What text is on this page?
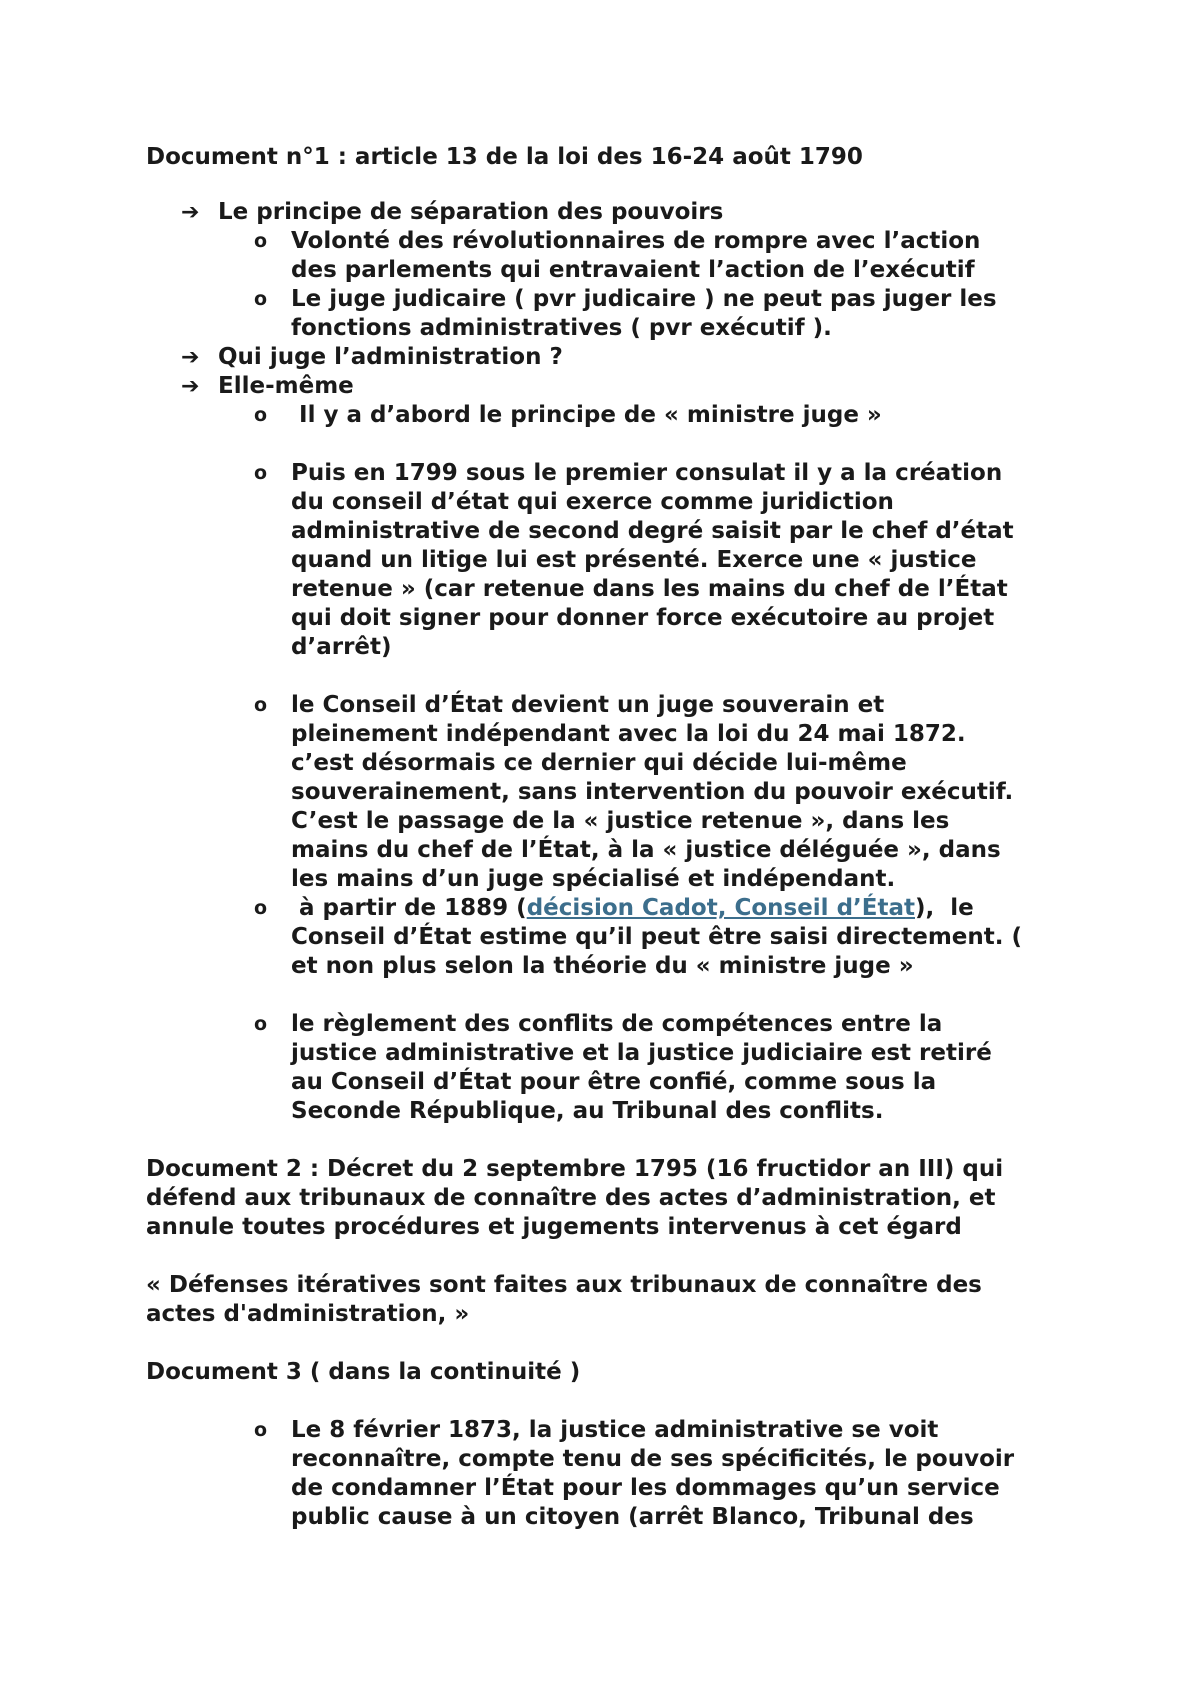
Document n°1 : article 13 de la loi des 16-24 août 1790
➔ Le principe de séparation des pouvoirs
o Volonté des révolutionnaires de rompre avec l’action
des parlements qui entravaient l’action de l’exécutif
o Le juge judicaire ( pvr judicaire ) ne peut pas juger les
fonctions administratives ( pvr exécutif ).
➔ Qui juge l’administration ?
➔ Elle-même
o Il y a d’abord le principe de « ministre juge »
o Puis en 1799 sous le premier consulat il y a la création
du conseil d’état qui exerce comme juridiction
administrative de second degré saisit par le chef d’état
quand un litige lui est présenté. Exerce une « justice
retenue » (car retenue dans les mains du chef de l’État
qui doit signer pour donner force exécutoire au projet
d’arrêt)
o le Conseil d’État devient un juge souverain et
pleinement indépendant avec la loi du 24 mai 1872.
c’est désormais ce dernier qui décide lui-même
souverainement, sans intervention du pouvoir exécutif.
C’est le passage de la « justice retenue », dans les
mains du chef de l’État, à la « justice déléguée », dans
les mains d’un juge spécialisé et indépendant.
o à partir de 1889 (décision Cadot, Conseil d’État),  le
Conseil d’État estime qu’il peut être saisi directement. (
et non plus selon la théorie du « ministre juge »
o le règlement des conflits de compétences entre la
justice administrative et la justice judiciaire est retiré
au Conseil d’État pour être confié, comme sous la
Seconde République, au Tribunal des conflits.
Document 2 : Décret du 2 septembre 1795 (16 fructidor an III) qui
défend aux tribunaux de connaître des actes d’administration, et
annule toutes procédures et jugements intervenus à cet égard
« Défenses itératives sont faites aux tribunaux de connaître des
actes d'administration, »
Document 3 ( dans la continuité )
o Le 8 février 1873, la justice administrative se voit
reconnaître, compte tenu de ses spécificités, le pouvoir
de condamner l’État pour les dommages qu’un service
public cause à un citoyen (arrêt Blanco, Tribunal des
